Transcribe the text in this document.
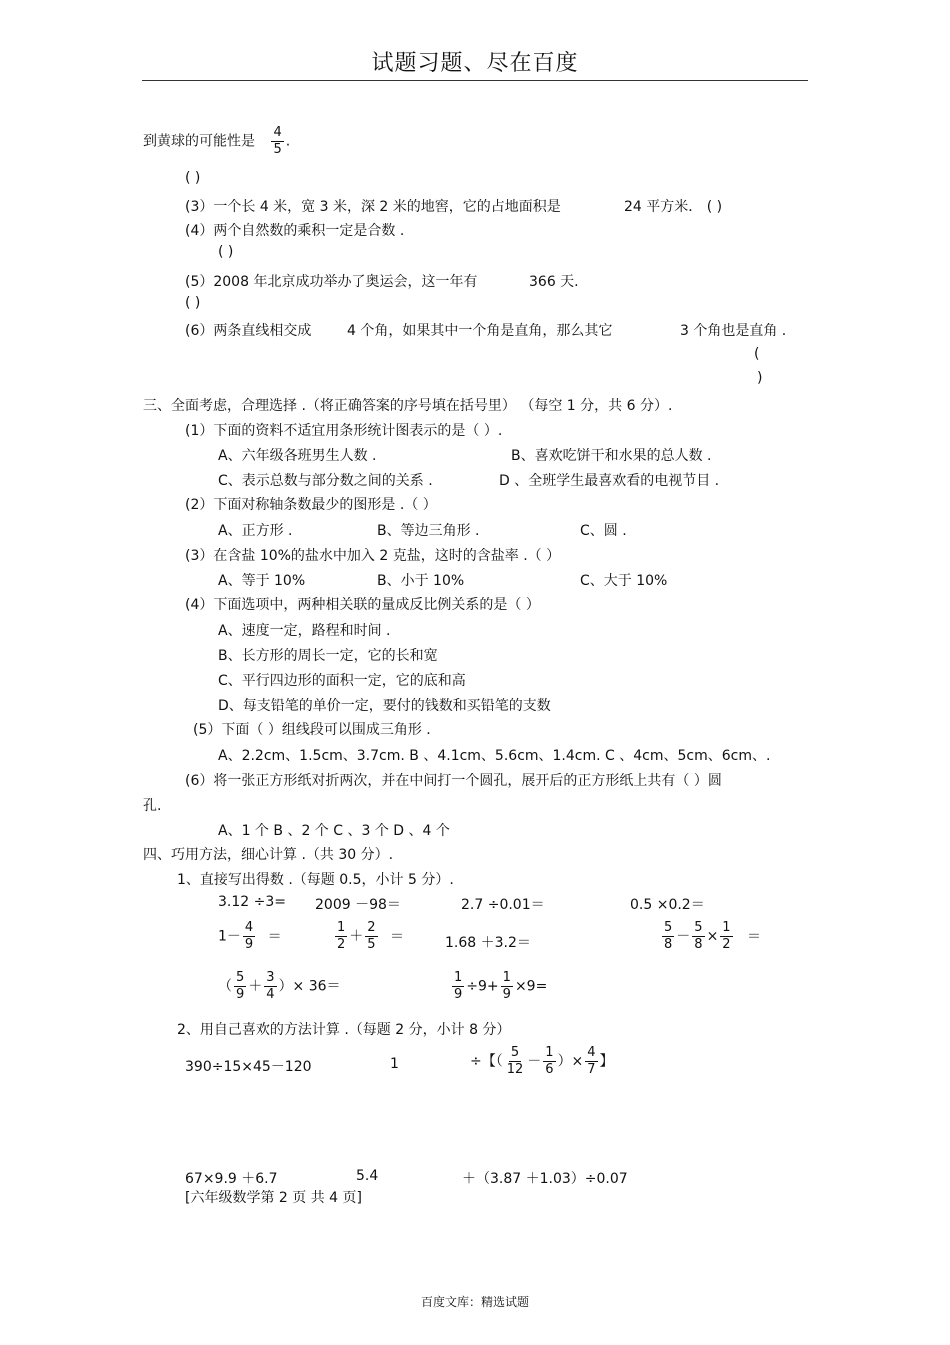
试题习题、尽在百度
到黄球的可能性是 $\frac{4}{5}$ .
( )
(3）一个长 4 米，宽 3 米，深 2 米的地窖，它的占地面积是	24 平方米． ( )
(4）两个自然数的乘积一定是合数 .
( )
(5）2008 年北京成功举办了奥运会，这一年有	366 天.
( )
(6）两条直线相交成	4 个角，如果其中一个角是直角，那么其它	3 个角也是直角 .
(
)
三、全面考虑，合理选择 .（将正确答案的序号填在括号里） （每空 1 分，共 6 分）.
(1）下面的资料不适宜用条形统计图表示的是（ ）.
A、六年级各班男生人数 .	B、喜欢吃饼干和水果的总人数 .
C、表示总数与部分数之间的关系 .	D 、全班学生最喜欢看的电视节目 .
(2）下面对称轴条数最少的图形是 .（ ）
A、正方形 .	B、等边三角形 .	C、圆 .
(3）在含盐 10%的盐水中加入 2 克盐，这时的含盐率 .（ ）
A、等于 10%	B、小于 10%	C、大于 10%
(4）下面选项中，两种相关联的量成反比例关系的是（ ）
A、速度一定，路程和时间 .
B、长方形的周长一定，它的长和宽
C、平行四边形的面积一定，它的底和高
D、每支铅笔的单价一定，要付的钱数和买铅笔的支数
(5）下面（ ）组线段可以围成三角形 .
A、2.2cm、1.5cm、3.7cm. B 、4.1cm、5.6cm、1.4cm. C 、4cm、5cm、6cm、.
(6）将一张正方形纸对折两次，并在中间打一个圆孔，展开后的正方形纸上共有（ ）圆
孔.
A、1 个 B 、2 个 C 、3 个 D 、4 个
四、巧用方法，细心计算 .（共 30 分）.
1、直接写出得数 .（每题 0.5，小计 5 分）.
3.12 ÷3= 2009 －98＝	2.7 ÷0.01＝	0.5 ×0.2＝
$1- \frac{4}{9}$ ＝	$\frac{1}{2} + \frac{2}{5}$ ＝	1.68 ＋3.2＝	$\frac{5}{8} - \frac{5}{8} \times \frac{1}{2}$ ＝
（ $\frac{5}{9} + \frac{3}{4}$ ）× 36＝	$\frac{1}{9} \div 9+ \frac{1}{9} \times 9=$
2、用自己喜欢的方法计算 .（每题 2 分，小计 8 分）
390÷15×45－120	1	÷【（ $\frac{5}{12} - \frac{1}{6}$ ）× $\frac{4}{7}$ 】
67×9.9 ＋6.7	5.4	＋（3.87 ＋1.03）÷0.07
[六年级数学第 2 页 共 4 页]
百度文库：精选试题
